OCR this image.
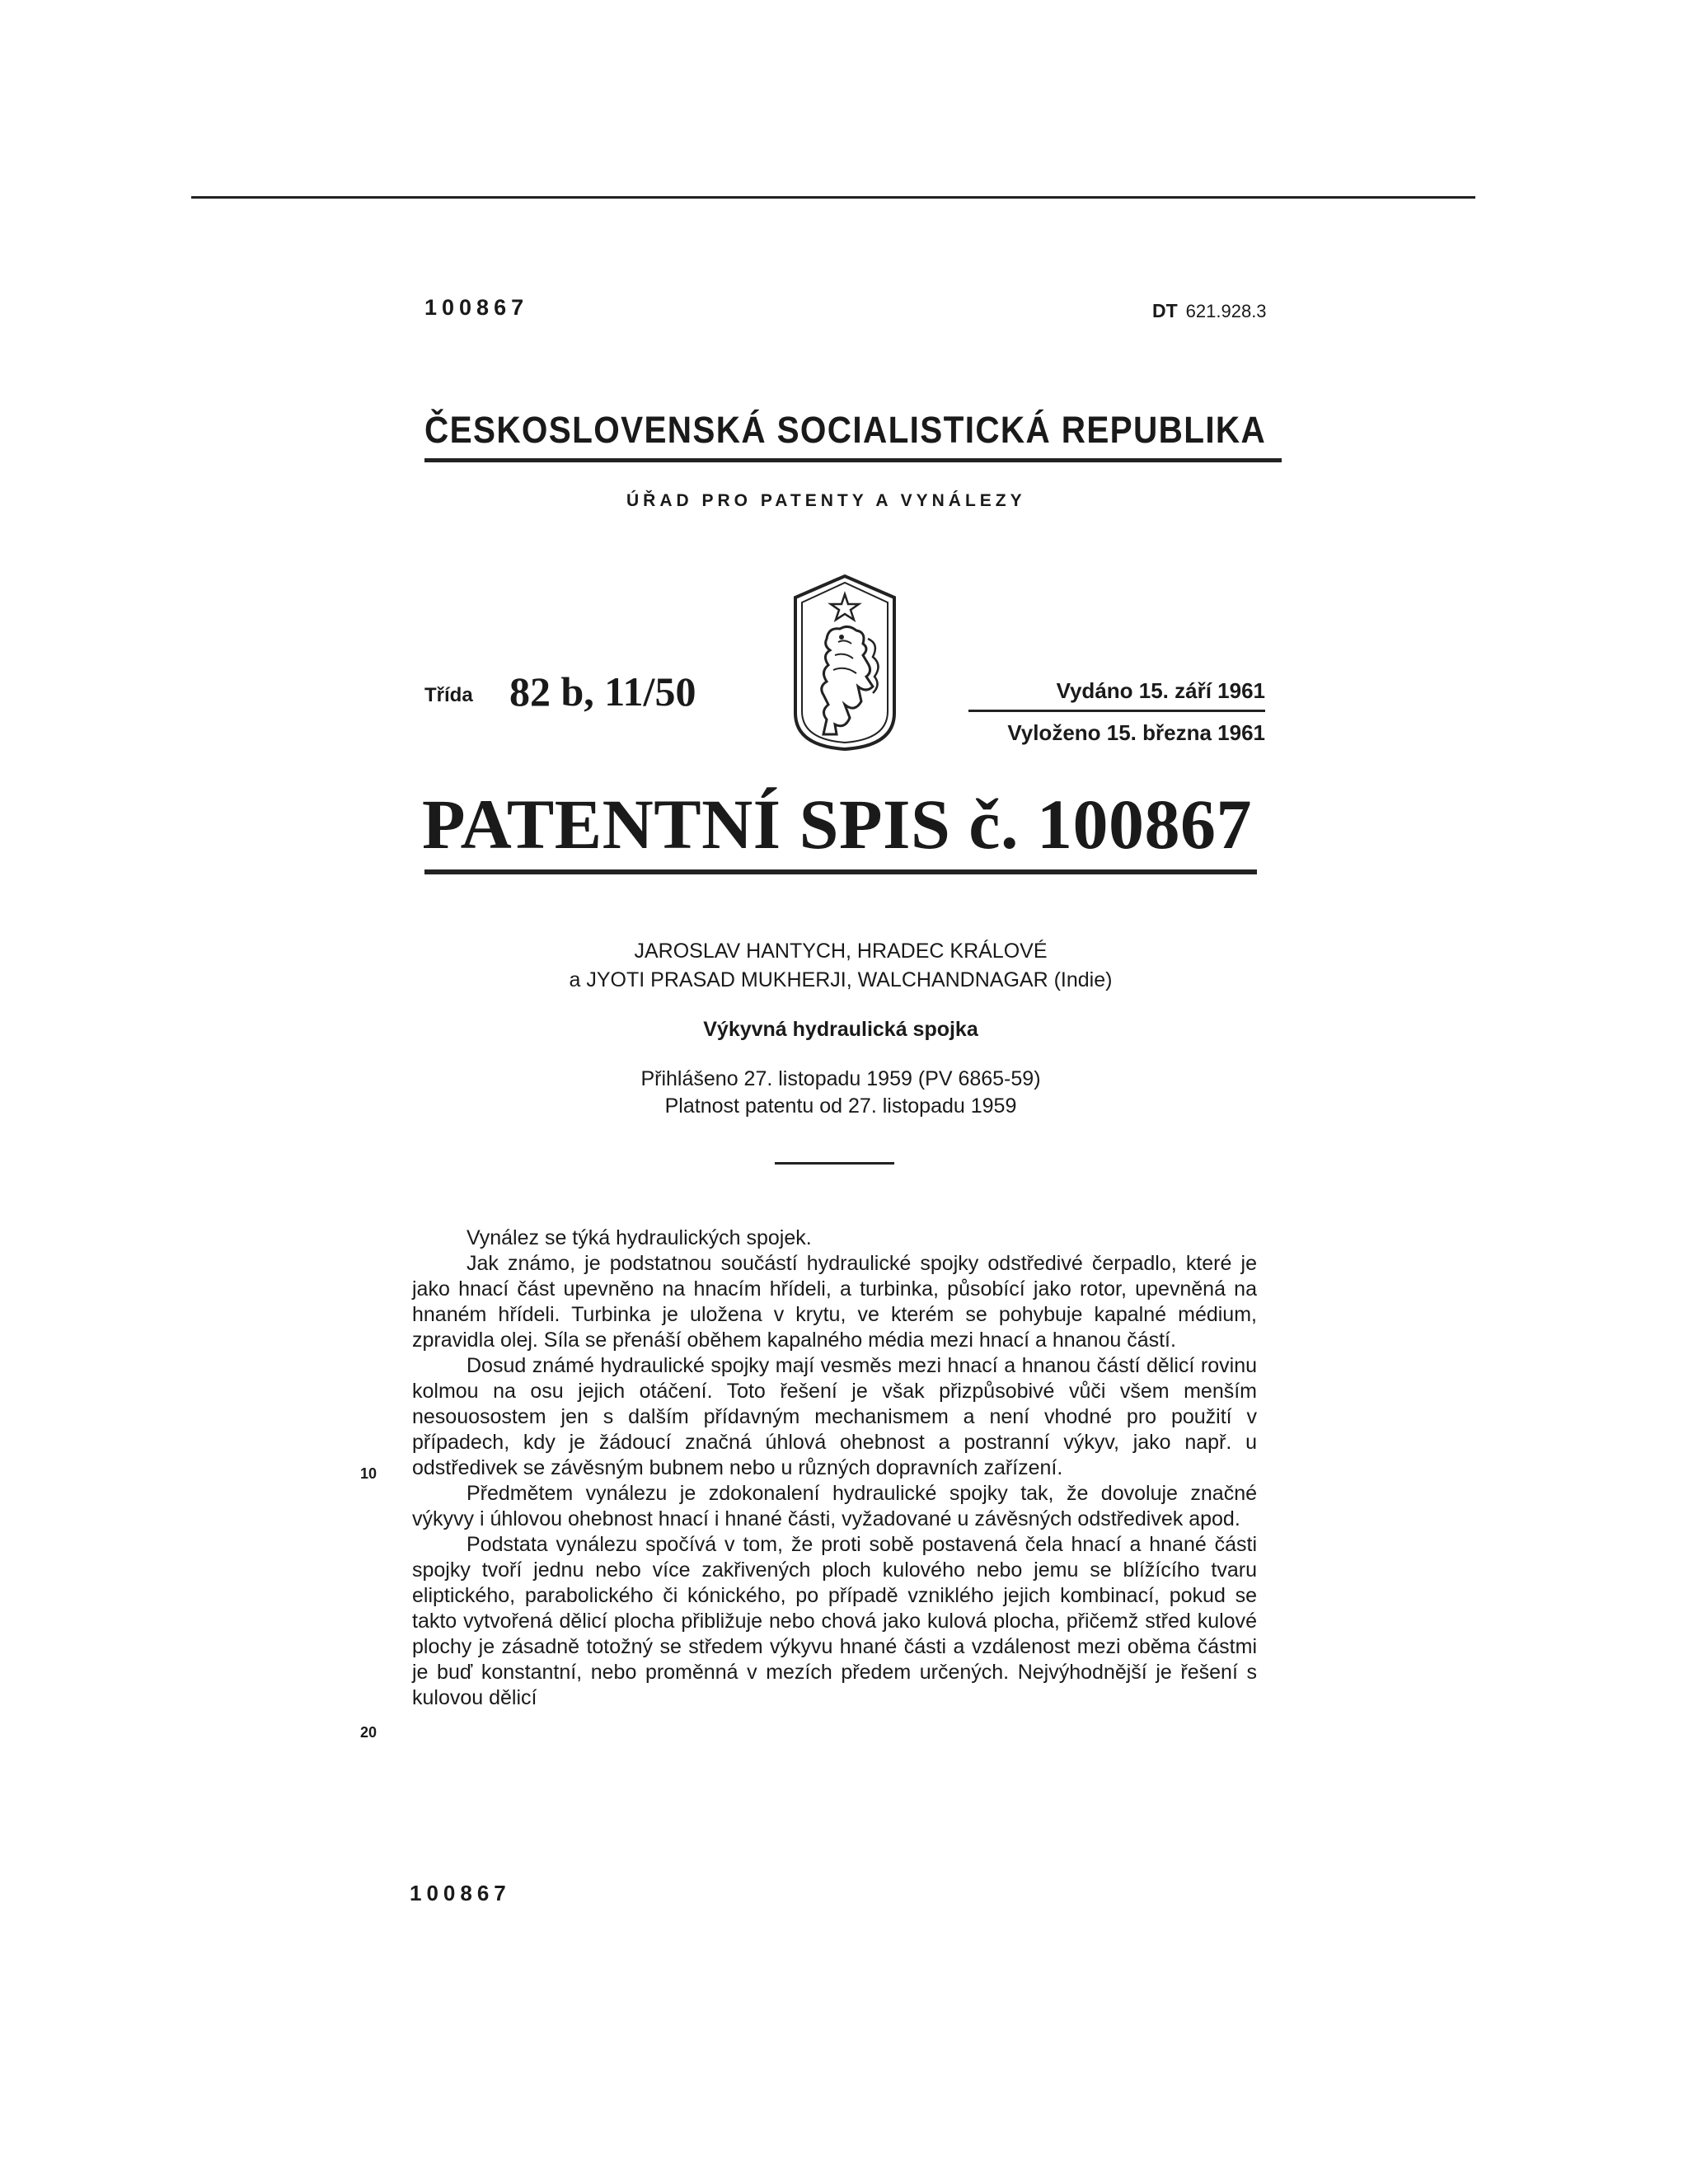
100867	DT 621.928.3
ČESKOSLOVENSKÁ SOCIALISTICKÁ REPUBLIKA
ÚŘAD PRO PATENTY A VYNÁLEZY
Třída 82 b, 11/50	Vydáno 15. září 1961
Vyloženo 15. března 1961
PATENTNÍ SPIS č. 100867
JAROSLAV HANTYCH, HRADEC KRÁLOVÉ
a JYOTI PRASAD MUKHERJI, WALCHANDNAGAR (Indie)
Výkyvná hydraulická spojka
Přihlášeno 27. listopadu 1959 (PV 6865-59)
Platnost patentu od 27. listopadu 1959

Vynález se týká hydraulických spojek.

Jak známo, je podstatnou součástí hydraulické spojky odstředivé čerpadlo, které je jako hnací část upevněno na hnacím hřídeli, a turbinka, působící jako rotor, upevněná na hnaném hřídeli. Turbinka je uložena v krytu, ve kterém se pohybuje kapalné médium, zpravidla olej. Síla se přenáší oběhem kapalného média mezi hnací a hnanou částí.

Dosud známé hydraulické spojky mají vesměs mezi hnací a hnanou částí dělicí rovinu kolmou na osu jejich otáčení. Toto řešení je však přizpůsobivé vůči všem menším nesouosostem jen s dalším přídavným mechanismem a není vhodné pro použití v případech, kdy je žádoucí značná úhlová ohebnost a postranní výkyv, jako např. u odstředivek se závěsným bubnem nebo u různých dopravních zařízení.

Předmětem vynálezu je zdokonalení hydraulické spojky tak, že dovoluje značné výkyvy i úhlovou ohebnost hnací i hnané části, vyžadované u závěsných odstředivek apod.

Podstata vynálezu spočívá v tom, že proti sobě postavená čela hnací a hnané části spojky tvoří jednu nebo více zakřivených ploch kulového nebo jemu se blížícího tvaru eliptického, parabolického či kónického, po případě vzniklého jejich kombinací, pokud se takto vytvořená dělicí plocha přibližuje nebo chová jako kulová plocha, přičemž střed kulové plochy je zásadně totožný se středem výkyvu hnané části a vzdálenost mezi oběma částmi je buď konstantní, nebo proměnná v mezích předem určených. Nejvýhodnější je řešení s kulovou dělicí

10
20
100867
